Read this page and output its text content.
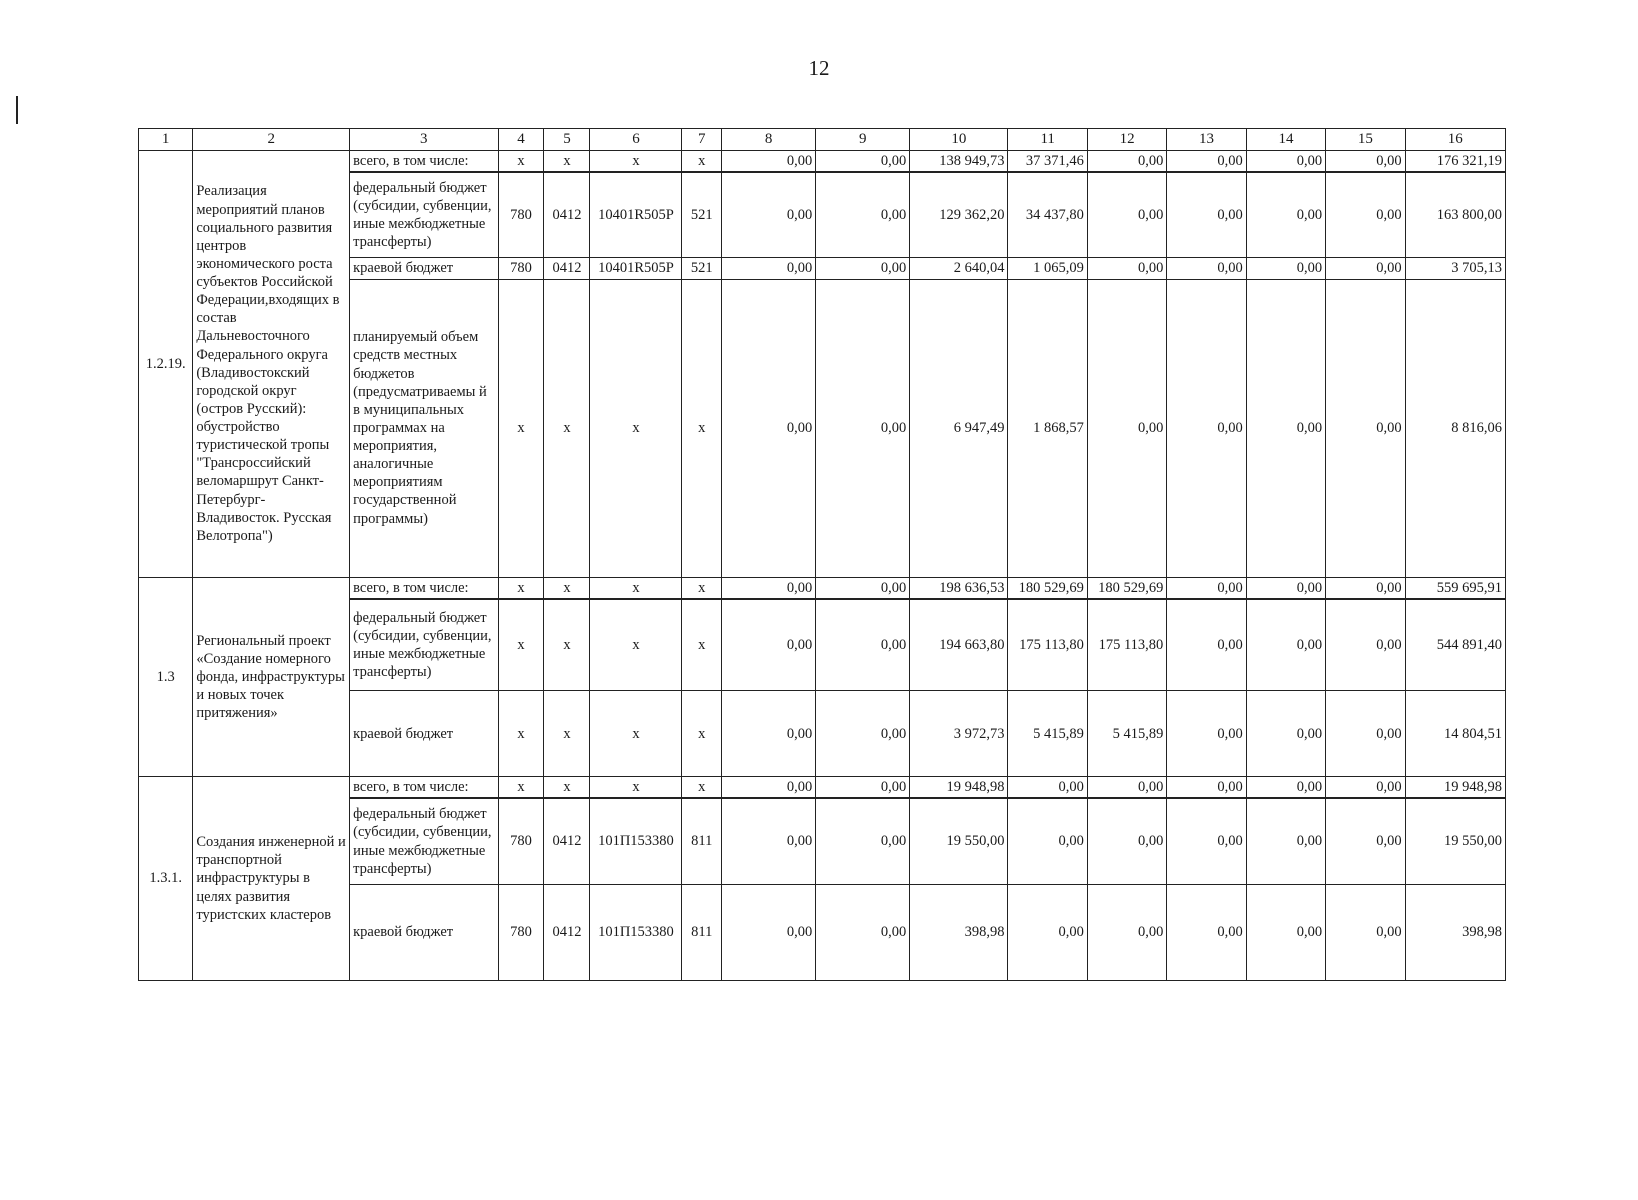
12
1	2	3	4	5	6	7	8	9	10	11	12	13	14	15	16
1.2.19.	Реализация мероприятий планов социального развития центров экономического роста субъектов Российской Федерации,входящих в состав Дальневосточного Федерального округа (Владивостокский городской округ (остров Русский): обустройство туристической тропы "Трансроссийский веломаршрут Санкт-Петербург-Владивосток. Русская Велотропа")	всего, в том числе:	x	x	x	x	0,00	0,00	138 949,73	37 371,46	0,00	0,00	0,00	0,00	176 321,19
		федеральный бюджет (субсидии, субвенции, иные межбюджетные трансферты)	780	0412	10401R505P	521	0,00	0,00	129 362,20	34 437,80	0,00	0,00	0,00	0,00	163 800,00
		краевой бюджет	780	0412	10401R505P	521	0,00	0,00	2 640,04	1 065,09	0,00	0,00	0,00	0,00	3 705,13
		планируемый объем средств местных бюджетов (предусматриваемы й в муниципальных программах на мероприятия, аналогичные мероприятиям государственной программы)	x	x	x	x	0,00	0,00	6 947,49	1 868,57	0,00	0,00	0,00	0,00	8 816,06
1.3	Региональный проект «Создание номерного фонда, инфраструктуры и новых точек притяжения»	всего, в том числе:	x	x	x	x	0,00	0,00	198 636,53	180 529,69	180 529,69	0,00	0,00	0,00	559 695,91
		федеральный бюджет (субсидии, субвенции, иные межбюджетные трансферты)	x	x	x	x	0,00	0,00	194 663,80	175 113,80	175 113,80	0,00	0,00	0,00	544 891,40
		краевой бюджет	x	x	x	x	0,00	0,00	3 972,73	5 415,89	5 415,89	0,00	0,00	0,00	14 804,51
1.3.1.	Создания инженерной и транспортной инфраструктуры в целях развития туристских кластеров	всего, в том числе:	x	x	x	x	0,00	0,00	19 948,98	0,00	0,00	0,00	0,00	0,00	19 948,98
		федеральный бюджет (субсидии, субвенции, иные межбюджетные трансферты)	780	0412	101П153380	811	0,00	0,00	19 550,00	0,00	0,00	0,00	0,00	0,00	19 550,00
		краевой бюджет	780	0412	101П153380	811	0,00	0,00	398,98	0,00	0,00	0,00	0,00	0,00	398,98
